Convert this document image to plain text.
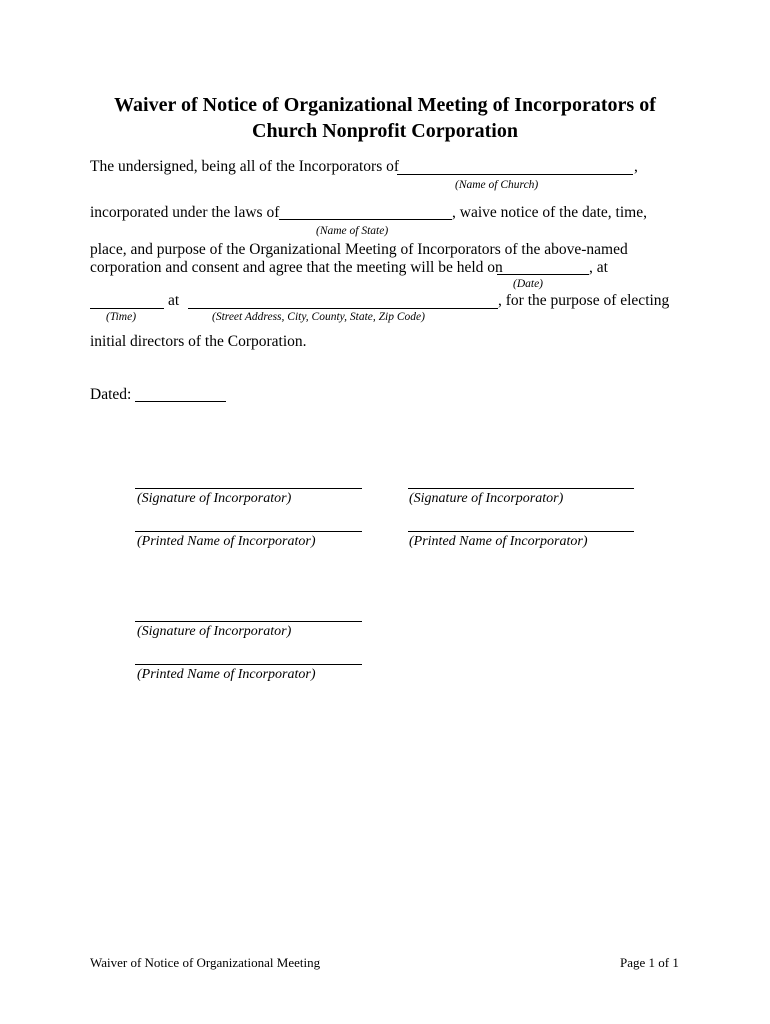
Waiver of Notice of Organizational Meeting of Incorporators of
Church Nonprofit Corporation
The undersigned, being all of the Incorporators of	,
(Name of Church)
incorporated under the laws of	, waive notice of the date, time,
(Name of State)
place, and purpose of the Organizational Meeting of Incorporators of the above-named
corporation and consent and agree that the meeting will be held on	, at
(Date)
at	, for the purpose of electing
(Time)	(Street Address, City, County, State, Zip Code)
initial directors of the Corporation.
Dated:
(Signature of Incorporator)
(Printed Name of Incorporator)
(Signature of Incorporator)
(Printed Name of Incorporator)
(Signature of Incorporator)
(Printed Name of Incorporator)
Waiver of Notice of Organizational Meeting	Page 1 of 1
